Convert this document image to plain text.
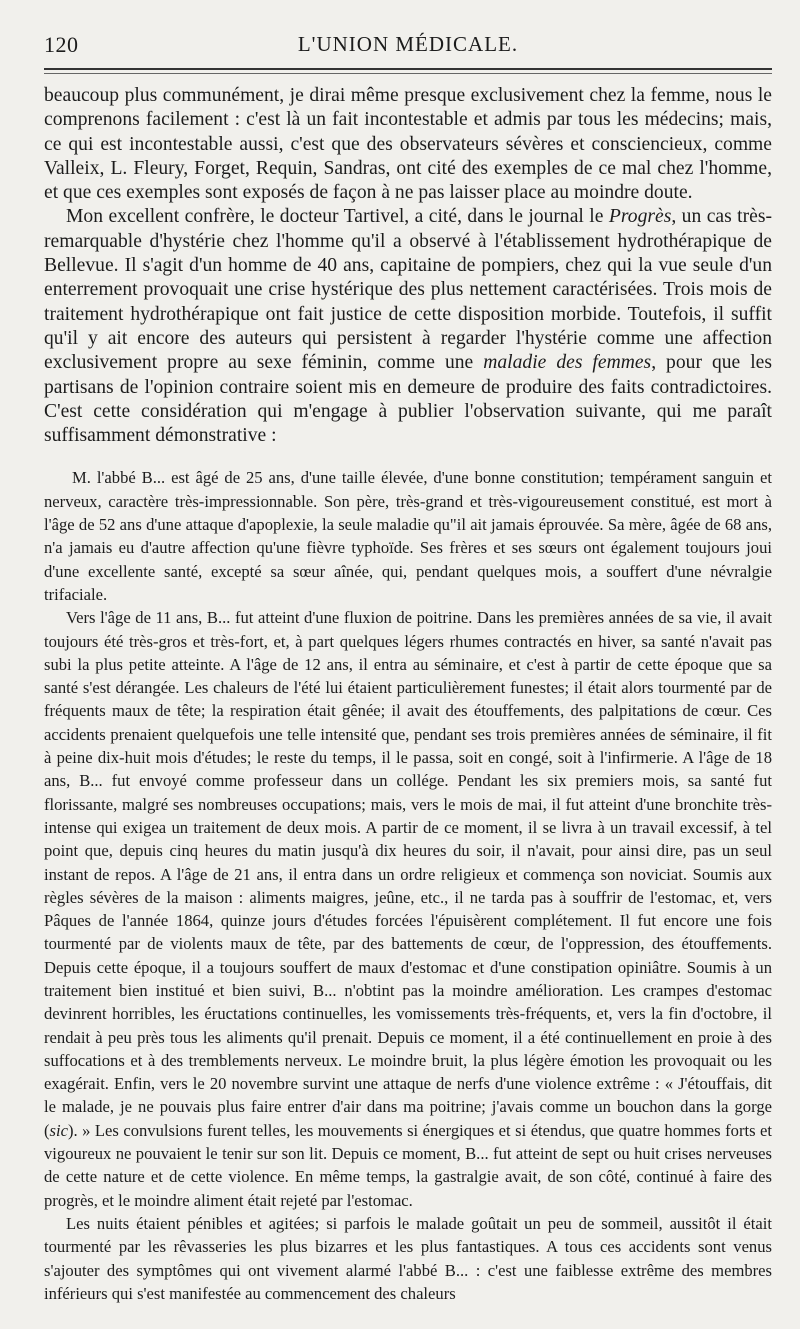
120	L'UNION MÉDICALE.

beaucoup plus communément, je dirai même presque exclusivement chez la femme, nous le comprenons facilement : c'est là un fait incontestable et admis par tous les médecins; mais, ce qui est incontestable aussi, c'est que des observateurs sévères et consciencieux, comme Valleix, L. Fleury, Forget, Requin, Sandras, ont cité des exemples de ce mal chez l'homme, et que ces exemples sont exposés de façon à ne pas laisser place au moindre doute.

Mon excellent confrère, le docteur Tartivel, a cité, dans le journal le Progrès, un cas très-remarquable d'hystérie chez l'homme qu'il a observé à l'établissement hydrothérapique de Bellevue. Il s'agit d'un homme de 40 ans, capitaine de pompiers, chez qui la vue seule d'un enterrement provoquait une crise hystérique des plus nettement caractérisées. Trois mois de traitement hydrothérapique ont fait justice de cette disposition morbide. Toutefois, il suffit qu'il y ait encore des auteurs qui persistent à regarder l'hystérie comme une affection exclusivement propre au sexe féminin, comme une maladie des femmes, pour que les partisans de l'opinion contraire soient mis en demeure de produire des faits contradictoires. C'est cette considération qui m'engage à publier l'observation suivante, qui me paraît suffisamment démonstrative :

M. l'abbé B... est âgé de 25 ans, d'une taille élevée, d'une bonne constitution; tempérament sanguin et nerveux, caractère très-impressionnable. Son père, très-grand et très-vigoureusement constitué, est mort à l'âge de 52 ans d'une attaque d'apoplexie, la seule maladie qu"il ait jamais éprouvée. Sa mère, âgée de 68 ans, n'a jamais eu d'autre affection qu'une fièvre typhoïde. Ses frères et ses sœurs ont également toujours joui d'une excellente santé, excepté sa sœur aînée, qui, pendant quelques mois, a souffert d'une névralgie trifaciale.

Vers l'âge de 11 ans, B... fut atteint d'une fluxion de poitrine. Dans les premières années de sa vie, il avait toujours été très-gros et très-fort, et, à part quelques légers rhumes contractés en hiver, sa santé n'avait pas subi la plus petite atteinte. A l'âge de 12 ans, il entra au séminaire, et c'est à partir de cette époque que sa santé s'est dérangée. Les chaleurs de l'été lui étaient particulièrement funestes; il était alors tourmenté par de fréquents maux de tête; la respiration était gênée; il avait des étouffements, des palpitations de cœur. Ces accidents prenaient quelquefois une telle intensité que, pendant ses trois premières années de séminaire, il fit à peine dix-huit mois d'études; le reste du temps, il le passa, soit en congé, soit à l'infirmerie. A l'âge de 18 ans, B... fut envoyé comme professeur dans un collége. Pendant les six premiers mois, sa santé fut florissante, malgré ses nombreuses occupations; mais, vers le mois de mai, il fut atteint d'une bronchite très-intense qui exigea un traitement de deux mois. A partir de ce moment, il se livra à un travail excessif, à tel point que, depuis cinq heures du matin jusqu'à dix heures du soir, il n'avait, pour ainsi dire, pas un seul instant de repos. A l'âge de 21 ans, il entra dans un ordre religieux et commença son noviciat. Soumis aux règles sévères de la maison : aliments maigres, jeûne, etc., il ne tarda pas à souffrir de l'estomac, et, vers Pâques de l'année 1864, quinze jours d'études forcées l'épuisèrent complétement. Il fut encore une fois tourmenté par de violents maux de tête, par des battements de cœur, de l'oppression, des étouffements. Depuis cette époque, il a toujours souffert de maux d'estomac et d'une constipation opiniâtre. Soumis à un traitement bien institué et bien suivi, B... n'obtint pas la moindre amélioration. Les crampes d'estomac devinrent horribles, les éructations continuelles, les vomissements très-fréquents, et, vers la fin d'octobre, il rendait à peu près tous les aliments qu'il prenait. Depuis ce moment, il a été continuellement en proie à des suffocations et à des tremblements nerveux. Le moindre bruit, la plus légère émotion les provoquait ou les exagérait. Enfin, vers le 20 novembre survint une attaque de nerfs d'une violence extrême : « J'étouffais, dit le malade, je ne pouvais plus faire entrer d'air dans ma poitrine; j'avais comme un bouchon dans la gorge (sic). » Les convulsions furent telles, les mouvements si énergiques et si étendus, que quatre hommes forts et vigoureux ne pouvaient le tenir sur son lit. Depuis ce moment, B... fut atteint de sept ou huit crises nerveuses de cette nature et de cette violence. En même temps, la gastralgie avait, de son côté, continué à faire des progrès, et le moindre aliment était rejeté par l'estomac.

Les nuits étaient pénibles et agitées; si parfois le malade goûtait un peu de sommeil, aussitôt il était tourmenté par les rêvasseries les plus bizarres et les plus fantastiques. A tous ces accidents sont venus s'ajouter des symptômes qui ont vivement alarmé l'abbé B... : c'est une faiblesse extrême des membres inférieurs qui s'est manifestée au commencement des chaleurs
